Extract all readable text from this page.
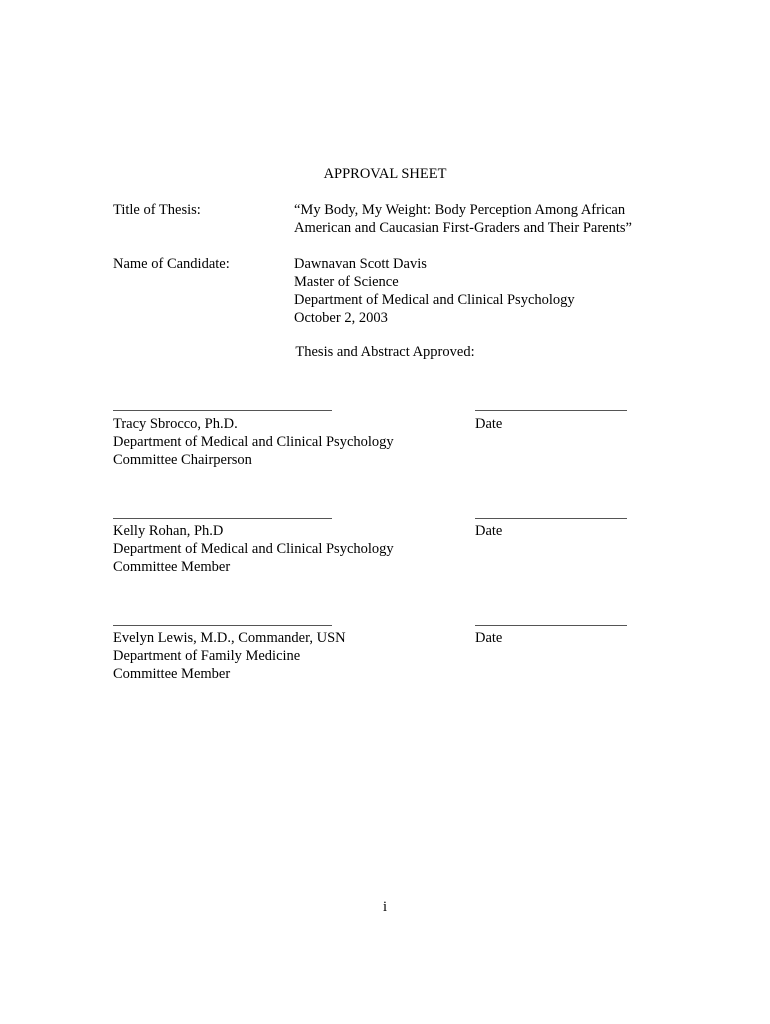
APPROVAL SHEET
Title of Thesis:	“My Body, My Weight: Body Perception Among African
American and Caucasian First-Graders and Their Parents”
Name of Candidate:	Dawnavan Scott Davis
Master of Science
Department of Medical and Clinical Psychology
October 2, 2003
Thesis and Abstract Approved:
Tracy Sbrocco, Ph.D.
Department of Medical and Clinical Psychology
Committee Chairperson
Date
Kelly Rohan, Ph.D
Department of Medical and Clinical Psychology
Committee Member
Date
Evelyn Lewis, M.D., Commander, USN
Department of Family Medicine
Committee Member
Date
i
